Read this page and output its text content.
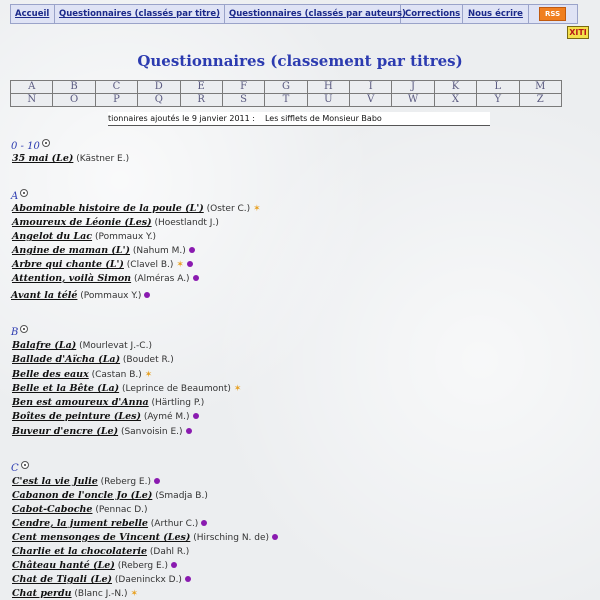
Accueil	Questionnaires (classés par titre)	Questionnaires (classés par auteurs) Corrections Nous écrire	RSS
XITI
Questionnaires (classement par titres)
A	B	C	D	E	F	G	H	I	J	K	L	M
N	O	P	Q	R	S	T	U	V	W	X	Y	Z
tionnaires ajoutés le 9 janvier 2011 : Les sifflets de Monsieur Babo
0 - 10
35 mai (Le) (Kästner E.)
A
Abominable histoire de la poule (L') (Oster C.) ✶
Amoureux de Léonie (Les) (Hoestlandt J.)
Angelot du Lac (Pommaux Y.)
Angine de maman (L') (Nahum M.)
Arbre qui chante (L') (Clavel B.) ✶
Attention, voilà Simon (Alméras A.)
Avant la télé (Pommaux Y.)
B
Balafre (La) (Mourlevat J.-C.)
Ballade d'Aïcha (La) (Boudet R.)
Belle des eaux (Castan B.) ✶
Belle et la Bête (La) (Leprince de Beaumont) ✶
Ben est amoureux d'Anna (Härtling P.)
Boîtes de peinture (Les) (Aymé M.)
Buveur d'encre (Le) (Sanvoisin E.)
C
C'est la vie Julie (Reberg E.)
Cabanon de l'oncle Jo (Le) (Smadja B.)
Cabot-Caboche (Pennac D.)
Cendre, la jument rebelle (Arthur C.)
Cent mensonges de Vincent (Les) (Hirsching N. de)
Charlie et la chocolaterie (Dahl R.)
Château hanté (Le) (Reberg E.)
Chat de Tigali (Le) (Daeninckx D.)
Chat perdu (Blanc J.-N.) ✶
